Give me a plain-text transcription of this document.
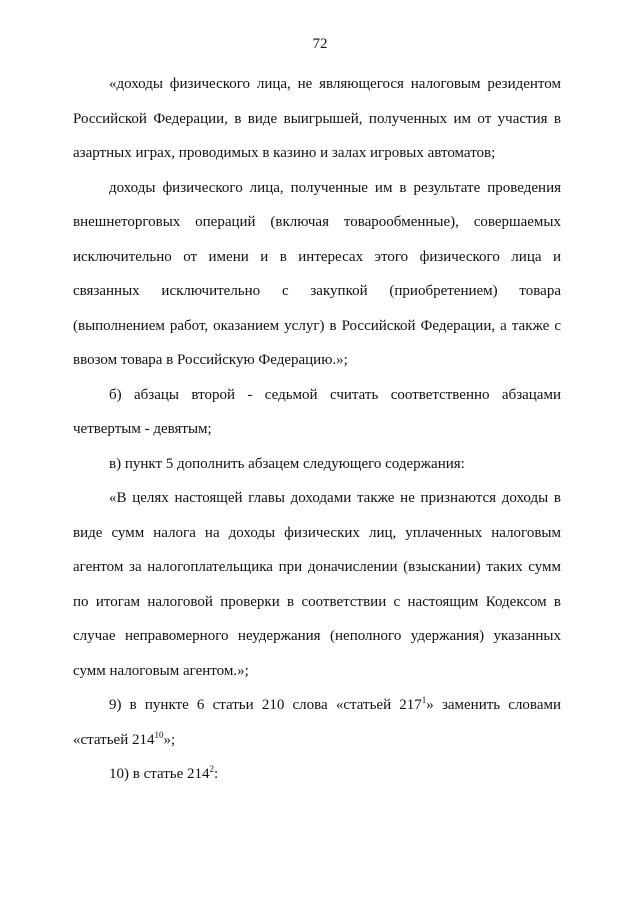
72

«доходы физического лица, не являющегося налоговым резидентом Российской Федерации, в виде выигрышей, полученных им от участия в азартных играх, проводимых в казино и залах игровых автоматов;

доходы физического лица, полученные им в результате проведения внешнеторговых операций (включая товарообменные), совершаемых исключительно от имени и в интересах этого физического лица и связанных исключительно с закупкой (приобретением) товара (выполнением работ, оказанием услуг) в Российской Федерации, а также с ввозом товара в Российскую Федерацию.»;

б) абзацы второй - седьмой считать соответственно абзацами четвертым - девятым;

в) пункт 5 дополнить абзацем следующего содержания:

«В целях настоящей главы доходами также не признаются доходы в виде сумм налога на доходы физических лиц, уплаченных налоговым агентом за налогоплательщика при доначислении (взыскании) таких сумм по итогам налоговой проверки в соответствии с настоящим Кодексом в случае неправомерного неудержания (неполного удержания) указанных сумм налоговым агентом.»;

9) в пункте 6 статьи 210 слова «статьей $217^1$» заменить словами «статьей $214^{10}$»;

10) в статье $214^2$:
